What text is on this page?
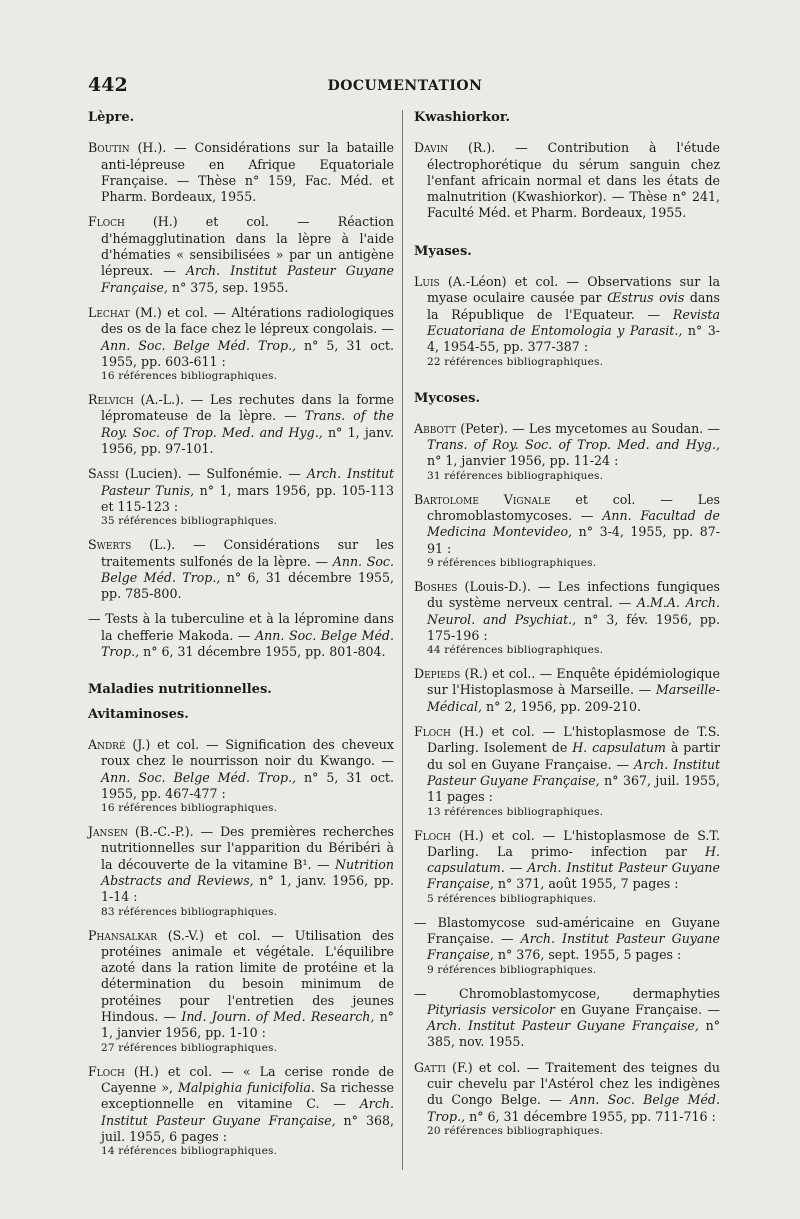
442	DOCUMENTATION
Lèpre.

Boutin (H.). — Considérations sur la bataille anti-lépreuse en Afrique Equatoriale Française. — Thèse n° 159, Fac. Méd. et Pharm. Bordeaux, 1955.

Floch (H.) et col. — Réaction d'hémagglutination dans la lèpre à l'aide d'hématies « sensibilisées » par un antigène lépreux. — Arch. Institut Pasteur Guyane Française, n° 375, sep. 1955.

Lechat (M.) et col. — Altérations radiologiques des os de la face chez le lépreux congolais. — Ann. Soc. Belge Méd. Trop., n° 5, 31 oct. 1955, pp. 603-611 :
16 références bibliographiques.

Relvich (A.-L.). — Les rechutes dans la forme lépromateuse de la lèpre. — Trans. of the Roy. Soc. of Trop. Med. and Hyg., n° 1, janv. 1956, pp. 97-101.

Sassi (Lucien). — Sulfonémie. — Arch. Institut Pasteur Tunis, n° 1, mars 1956, pp. 105-113 et 115-123 :
35 références bibliographiques.

Swerts (L.). — Considérations sur les traitements sulfonés de la lèpre. — Ann. Soc. Belge Méd. Trop., n° 6, 31 décembre 1955, pp. 785-800.

— Tests à la tuberculine et à la lépromine dans la chefferie Makoda. — Ann. Soc. Belge Méd. Trop., n° 6, 31 décembre 1955, pp. 801-804.

Maladies nutritionnelles.
Avitaminoses.

André (J.) et col. — Signification des cheveux roux chez le nourrisson noir du Kwango. — Ann. Soc. Belge Méd. Trop., n° 5, 31 oct. 1955, pp. 467-477 :
16 références bibliographiques.

Jansen (B.-C.-P.). — Des premières recherches nutritionnelles sur l'apparition du Béribéri à la découverte de la vitamine B¹. — Nutrition Abstracts and Reviews, n° 1, janv. 1956, pp. 1-14 :
83 références bibliographiques.

Phansalkar (S.-V.) et col. — Utilisation des protéines animale et végétale. L'équilibre azoté dans la ration limite de protéine et la détermination du besoin minimum de protéines pour l'entretien des jeunes Hindous. — Ind. Journ. of Med. Research, n° 1, janvier 1956, pp. 1-10 :
27 références bibliographiques.

Floch (H.) et col. — « La cerise ronde de Cayenne », Malpighia funicifolia. Sa richesse exceptionnelle en vitamine C. — Arch. Institut Pasteur Guyane Française, n° 368, juil. 1955, 6 pages :
14 références bibliographiques.

Kwashiorkor.

Davin (R.). — Contribution à l'étude électrophorétique du sérum sanguin chez l'enfant africain normal et dans les états de malnutrition (Kwashiorkor). — Thèse n° 241, Faculté Méd. et Pharm. Bordeaux, 1955.

Myases.

Luis (A.-Léon) et col. — Observations sur la myase oculaire causée par Œstrus ovis dans la République de l'Equateur. — Revista Ecuatoriana de Entomologia y Parasit., n° 3-4, 1954-55, pp. 377-387 :
22 références bibliographiques.

Mycoses.

Abbott (Peter). — Les mycetomes au Soudan. — Trans. of Roy. Soc. of Trop. Med. and Hyg., n° 1, janvier 1956, pp. 11-24 :
31 références bibliographiques.

Bartolome Vignale et col. — Les chromoblastomycoses. — Ann. Facultad de Medicina Montevideo, n° 3-4, 1955, pp. 87-91 :
9 références bibliographiques.

Boshes (Louis-D.). — Les infections fungiques du système nerveux central. — A.M.A. Arch. Neurol. and Psychiat., n° 3, fév. 1956, pp. 175-196 :
44 références bibliographiques.

Depieds (R.) et col.. — Enquête épidémiologique sur l'Histoplasmose à Marseille. — Marseille-Médical, n° 2, 1956, pp. 209-210.

Floch (H.) et col. — L'histoplasmose de T.S. Darling. Isolement de H. capsulatum à partir du sol en Guyane Française. — Arch. Institut Pasteur Guyane Française, n° 367, juil. 1955, 11 pages :
13 références bibliographiques.

Floch (H.) et col. — L'histoplasmose de S.T. Darling. La primo- infection par H. capsulatum. — Arch. Institut Pasteur Guyane Française, n° 371, août 1955, 7 pages :
5 références bibliographiques.

— Blastomycose sud-américaine en Guyane Française. — Arch. Institut Pasteur Guyane Française, n° 376, sept. 1955, 5 pages :
9 références bibliographiques.

— Chromoblastomycose, dermaphyties Pityriasis versicolor en Guyane Française. — Arch. Institut Pasteur Guyane Française, n° 385, nov. 1955.

Gatti (F.) et col. — Traitement des teignes du cuir chevelu par l'Astérol chez les indigènes du Congo Belge. — Ann. Soc. Belge Méd. Trop., n° 6, 31 décembre 1955, pp. 711-716 :
20 références bibliographiques.
